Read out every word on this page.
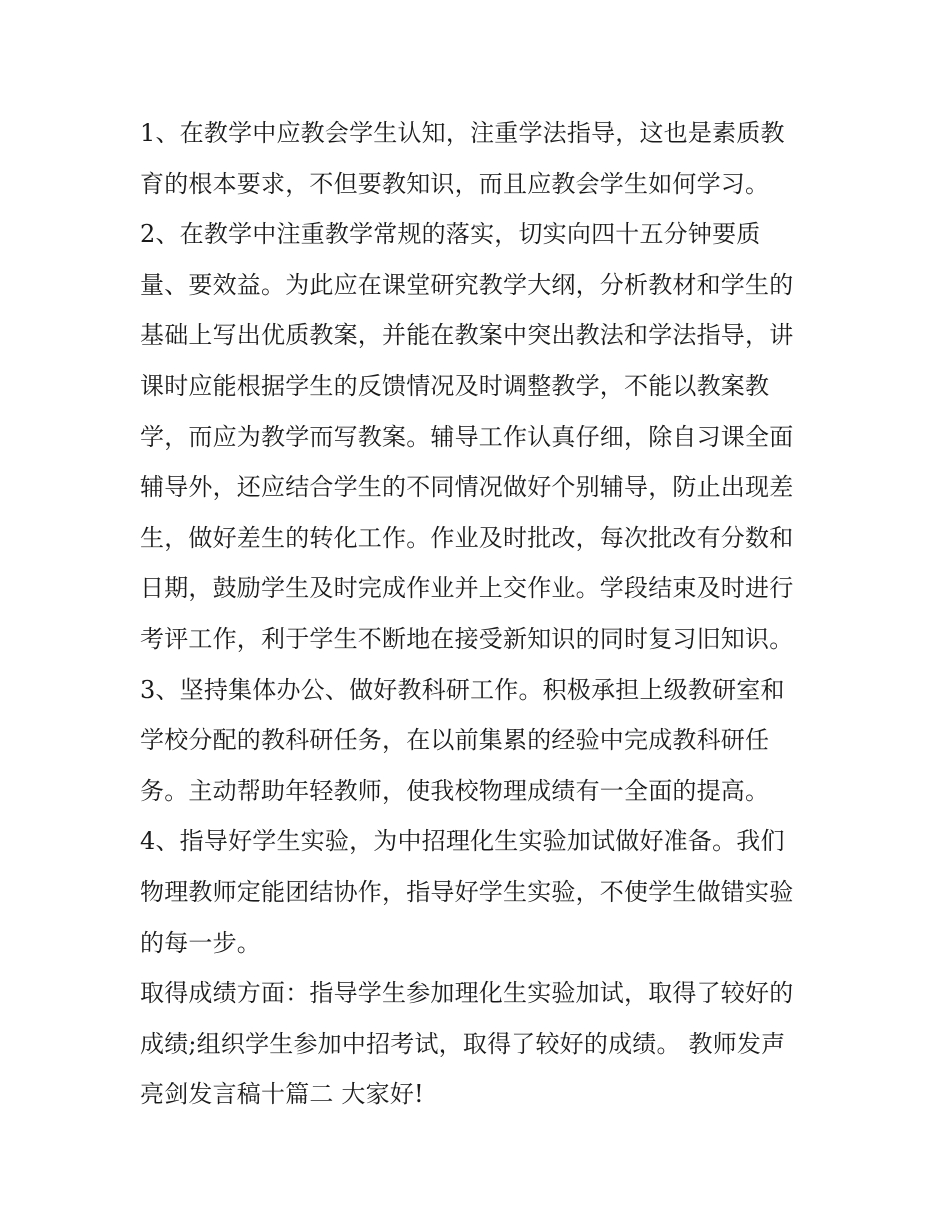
1、在教学中应教会学生认知，注重学法指导，这也是素质教
育的根本要求，不但要教知识，而且应教会学生如何学习。
2、在教学中注重教学常规的落实，切实向四十五分钟要质
量、要效益。为此应在课堂研究教学大纲，分析教材和学生的
基础上写出优质教案，并能在教案中突出教法和学法指导，讲
课时应能根据学生的反馈情况及时调整教学，不能以教案教
学，而应为教学而写教案。辅导工作认真仔细，除自习课全面
辅导外，还应结合学生的不同情况做好个别辅导，防止出现差
生，做好差生的转化工作。作业及时批改，每次批改有分数和
日期，鼓励学生及时完成作业并上交作业。学段结束及时进行
考评工作，利于学生不断地在接受新知识的同时复习旧知识。
3、坚持集体办公、做好教科研工作。积极承担上级教研室和
学校分配的教科研任务，在以前集累的经验中完成教科研任
务。主动帮助年轻教师，使我校物理成绩有一全面的提高。
4、指导好学生实验，为中招理化生实验加试做好准备。我们
物理教师定能团结协作，指导好学生实验，不使学生做错实验
的每一步。
取得成绩方面：指导学生参加理化生实验加试，取得了较好的
成绩;组织学生参加中招考试，取得了较好的成绩。 教师发声
亮剑发言稿十篇二 大家好!
